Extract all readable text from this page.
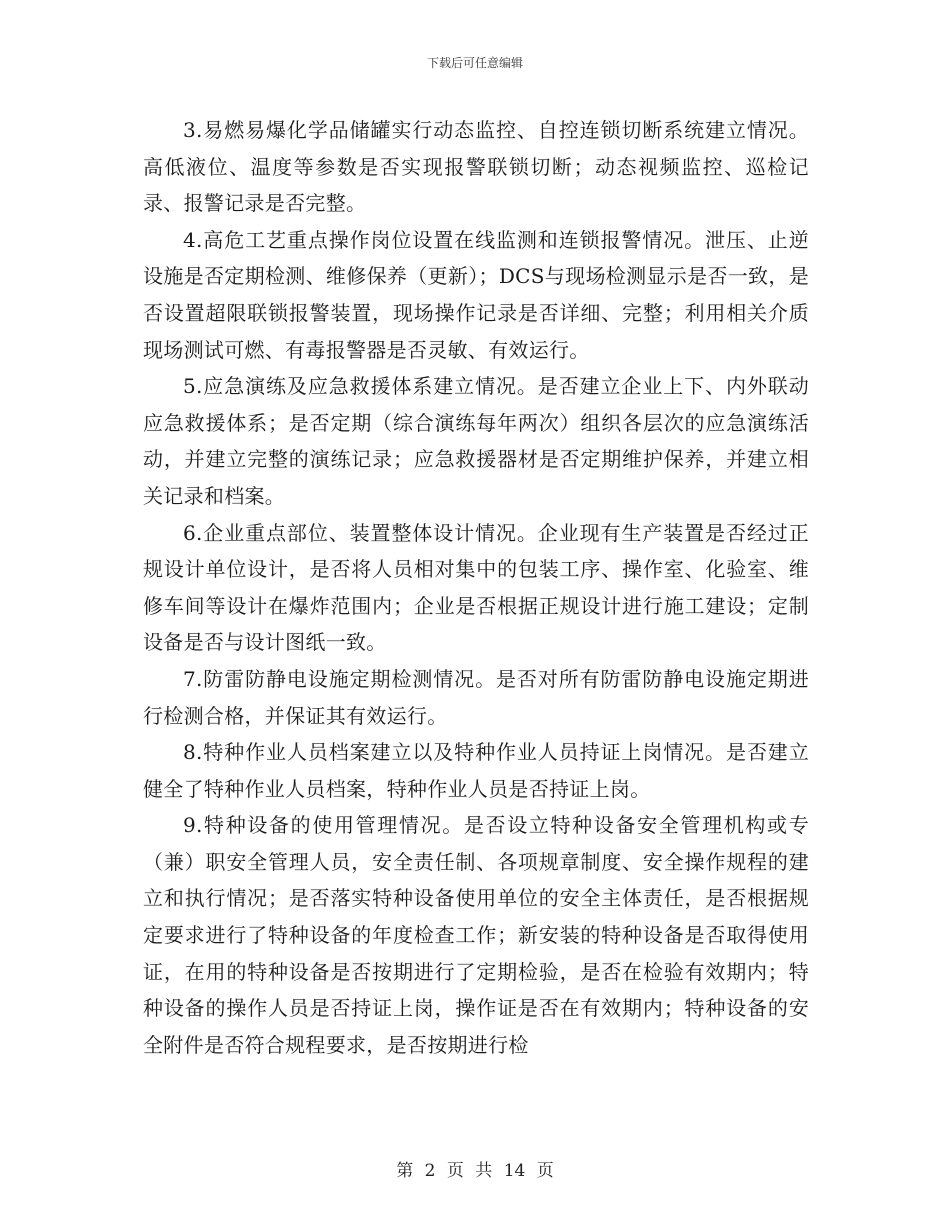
下载后可任意编辑

3.易燃易爆化学品储罐实行动态监控、自控连锁切断系统建立情况。高低液位、温度等参数是否实现报警联锁切断；动态视频监控、巡检记录、报警记录是否完整。

4.高危工艺重点操作岗位设置在线监测和连锁报警情况。泄压、止逆设施是否定期检测、维修保养（更新）；DCS与现场检测显示是否一致，是否设置超限联锁报警装置，现场操作记录是否详细、完整；利用相关介质现场测试可燃、有毒报警器是否灵敏、有效运行。

5.应急演练及应急救援体系建立情况。是否建立企业上下、内外联动应急救援体系；是否定期（综合演练每年两次）组织各层次的应急演练活动，并建立完整的演练记录；应急救援器材是否定期维护保养，并建立相关记录和档案。

6.企业重点部位、装置整体设计情况。企业现有生产装置是否经过正规设计单位设计，是否将人员相对集中的包装工序、操作室、化验室、维修车间等设计在爆炸范围内；企业是否根据正规设计进行施工建设；定制设备是否与设计图纸一致。

7.防雷防静电设施定期检测情况。是否对所有防雷防静电设施定期进行检测合格，并保证其有效运行。

8.特种作业人员档案建立以及特种作业人员持证上岗情况。是否建立健全了特种作业人员档案，特种作业人员是否持证上岗。

9.特种设备的使用管理情况。是否设立特种设备安全管理机构或专（兼）职安全管理人员，安全责任制、各项规章制度、安全操作规程的建立和执行情况；是否落实特种设备使用单位的安全主体责任，是否根据规定要求进行了特种设备的年度检查工作；新安装的特种设备是否取得使用证，在用的特种设备是否按期进行了定期检验，是否在检验有效期内；特种设备的操作人员是否持证上岗，操作证是否在有效期内；特种设备的安全附件是否符合规程要求，是否按期进行检

第 2 页 共 14 页
